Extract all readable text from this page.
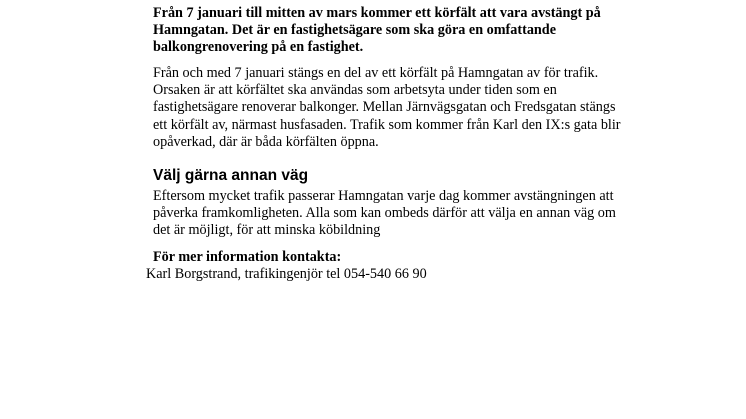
Från 7 januari till mitten av mars kommer ett körfält att vara avstängt på Hamngatan. Det är en fastighetsägare som ska göra en omfattande balkongrenovering på en fastighet.

Från och med 7 januari stängs en del av ett körfält på Hamngatan av för trafik. Orsaken är att körfältet ska användas som arbetsyta under tiden som en fastighetsägare renoverar balkonger. Mellan Järnvägsgatan och Fredsgatan stängs ett körfält av, närmast husfasaden. Trafik som kommer från Karl den IX:s gata blir opåverkad, där är båda körfälten öppna.

Välj gärna annan väg

Eftersom mycket trafik passerar Hamngatan varje dag kommer avstängningen att påverka framkomligheten. Alla som kan ombeds därför att välja en annan väg om det är möjligt, för att minska köbildning

För mer information kontakta:

Karl Borgstrand, trafikingenjör tel 054-540 66 90
